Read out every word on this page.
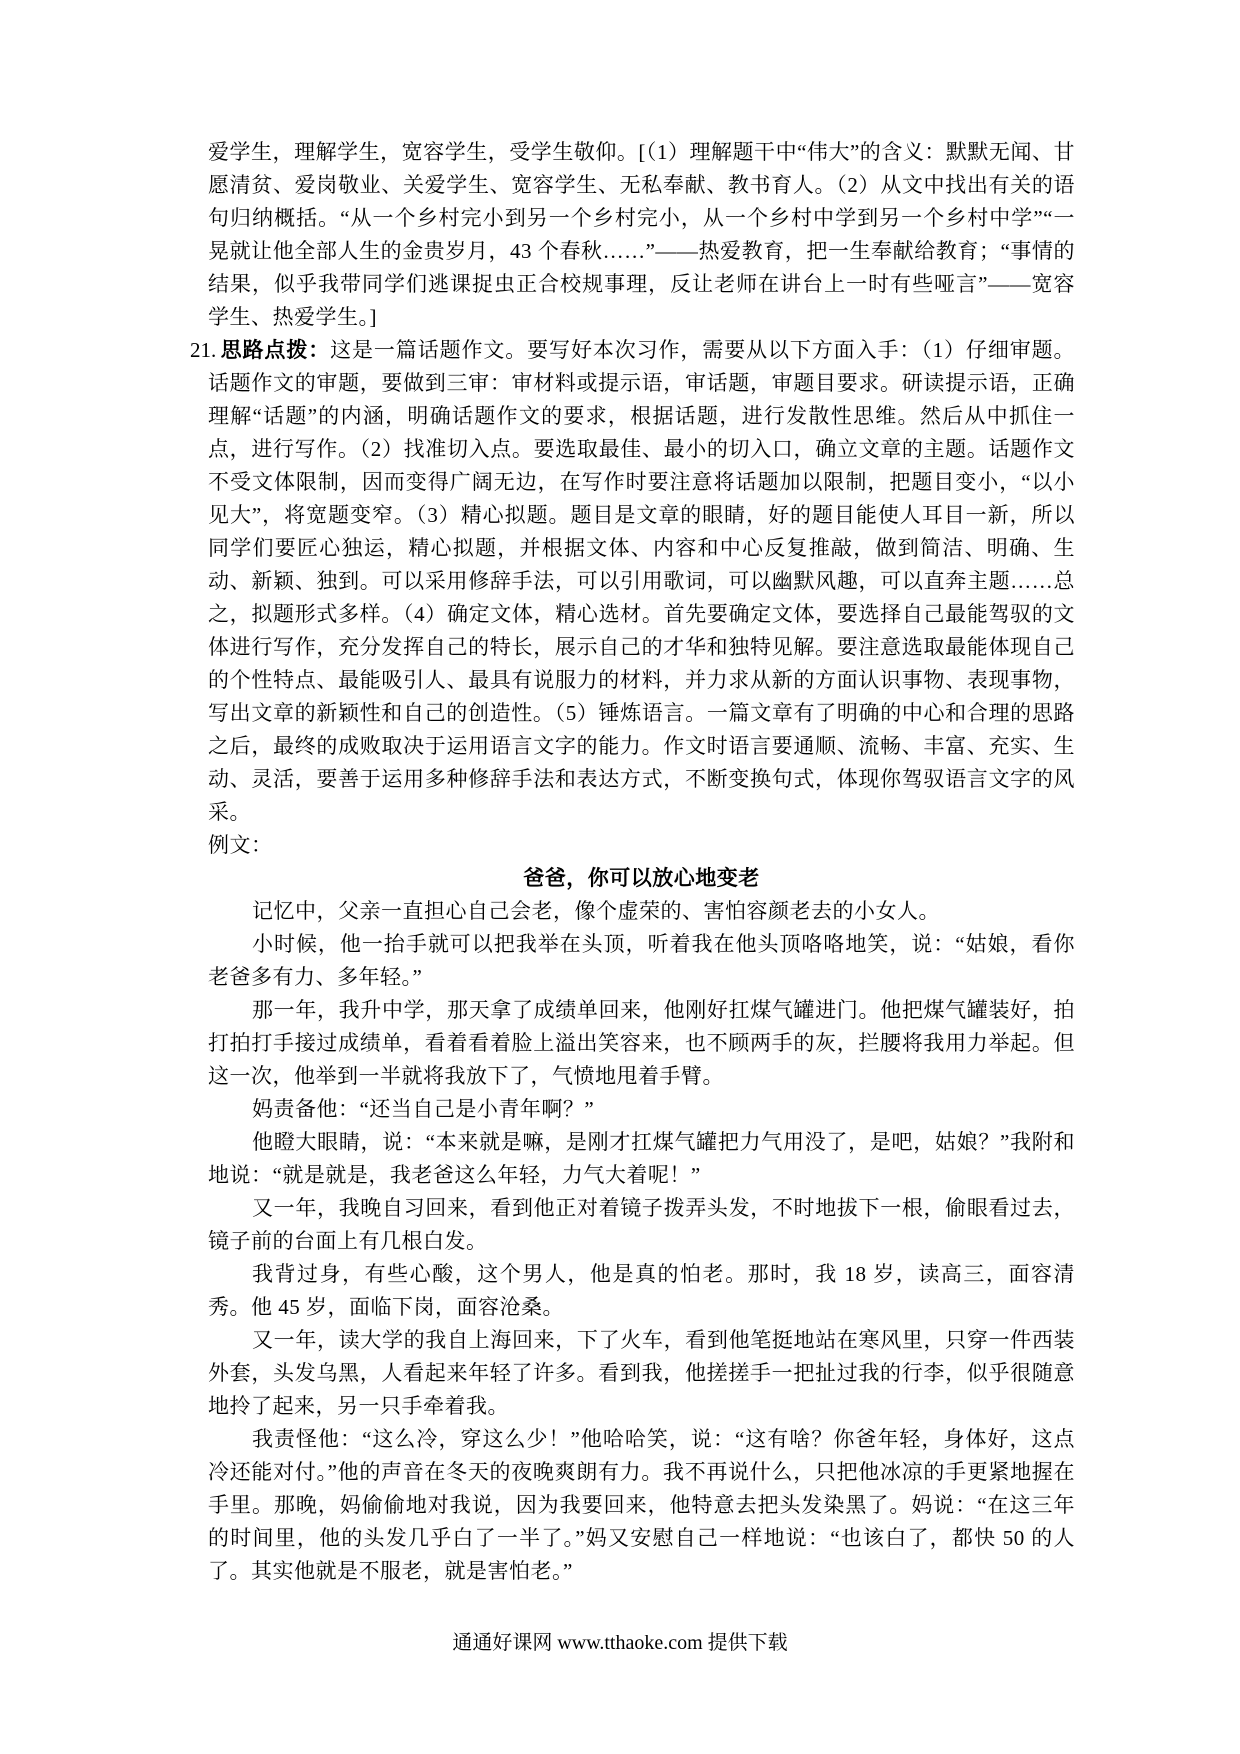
爱学生，理解学生，宽容学生，受学生敬仰。[（1）理解题干中“伟大”的含义：默默无闻、甘愿清贫、爱岗敬业、关爱学生、宽容学生、无私奉献、教书育人。（2）从文中找出有关的语句归纳概括。“从一个乡村完小到另一个乡村完小，从一个乡村中学到另一个乡村中学”“一晃就让他全部人生的金贵岁月，43 个春秋……”——热爱教育，把一生奉献给教育；“事情的结果，似乎我带同学们逃课捉虫正合校规事理，反让老师在讲台上一时有些哑言”——宽容学生、热爱学生。]

21. 思路点拨：这是一篇话题作文。要写好本次习作，需要从以下方面入手：（1）仔细审题。话题作文的审题，要做到三审：审材料或提示语，审话题，审题目要求。研读提示语，正确理解“话题”的内涵，明确话题作文的要求，根据话题，进行发散性思维。然后从中抓住一点，进行写作。（2）找准切入点。要选取最佳、最小的切入口，确立文章的主题。话题作文不受文体限制，因而变得广阔无边，在写作时要注意将话题加以限制，把题目变小，“以小见大”，将宽题变窄。（3）精心拟题。题目是文章的眼睛，好的题目能使人耳目一新，所以同学们要匠心独运，精心拟题，并根据文体、内容和中心反复推敲，做到简洁、明确、生动、新颖、独到。可以采用修辞手法，可以引用歌词，可以幽默风趣，可以直奔主题……总之，拟题形式多样。（4）确定文体，精心选材。首先要确定文体，要选择自己最能驾驭的文体进行写作，充分发挥自己的特长，展示自己的才华和独特见解。要注意选取最能体现自己的个性特点、最能吸引人、最具有说服力的材料，并力求从新的方面认识事物、表现事物，写出文章的新颖性和自己的创造性。（5）锤炼语言。一篇文章有了明确的中心和合理的思路之后，最终的成败取决于运用语言文字的能力。作文时语言要通顺、流畅、丰富、充实、生动、灵活，要善于运用多种修辞手法和表达方式，不断变换句式，体现你驾驭语言文字的风采。

例文：

爸爸，你可以放心地变老

记忆中，父亲一直担心自己会老，像个虚荣的、害怕容颜老去的小女人。

小时候，他一抬手就可以把我举在头顶，听着我在他头顶咯咯地笑，说：“姑娘，看你老爸多有力、多年轻。”

那一年，我升中学，那天拿了成绩单回来，他刚好扛煤气罐进门。他把煤气罐装好，拍打拍打手接过成绩单，看着看着脸上溢出笑容来，也不顾两手的灰，拦腰将我用力举起。但这一次，他举到一半就将我放下了，气愤地甩着手臂。

妈责备他：“还当自己是小青年啊？”

他瞪大眼睛，说：“本来就是嘛，是刚才扛煤气罐把力气用没了，是吧，姑娘？”我附和地说：“就是就是，我老爸这么年轻，力气大着呢！”

又一年，我晚自习回来，看到他正对着镜子拨弄头发，不时地拔下一根，偷眼看过去，镜子前的台面上有几根白发。

我背过身，有些心酸，这个男人，他是真的怕老。那时，我 18 岁，读高三，面容清秀。他 45 岁，面临下岗，面容沧桑。

又一年，读大学的我自上海回来，下了火车，看到他笔挺地站在寒风里，只穿一件西装外套，头发乌黑，人看起来年轻了许多。看到我，他搓搓手一把扯过我的行李，似乎很随意地拎了起来，另一只手牵着我。

我责怪他：“这么冷，穿这么少！”他哈哈笑，说：“这有啥？你爸年轻，身体好，这点冷还能对付。”他的声音在冬天的夜晚爽朗有力。我不再说什么，只把他冰凉的手更紧地握在手里。那晚，妈偷偷地对我说，因为我要回来，他特意去把头发染黑了。妈说：“在这三年的时间里，他的头发几乎白了一半了。”妈又安慰自己一样地说：“也该白了，都快 50 的人了。其实他就是不服老，就是害怕老。”

通通好课网 www.tthaoke.com 提供下载
